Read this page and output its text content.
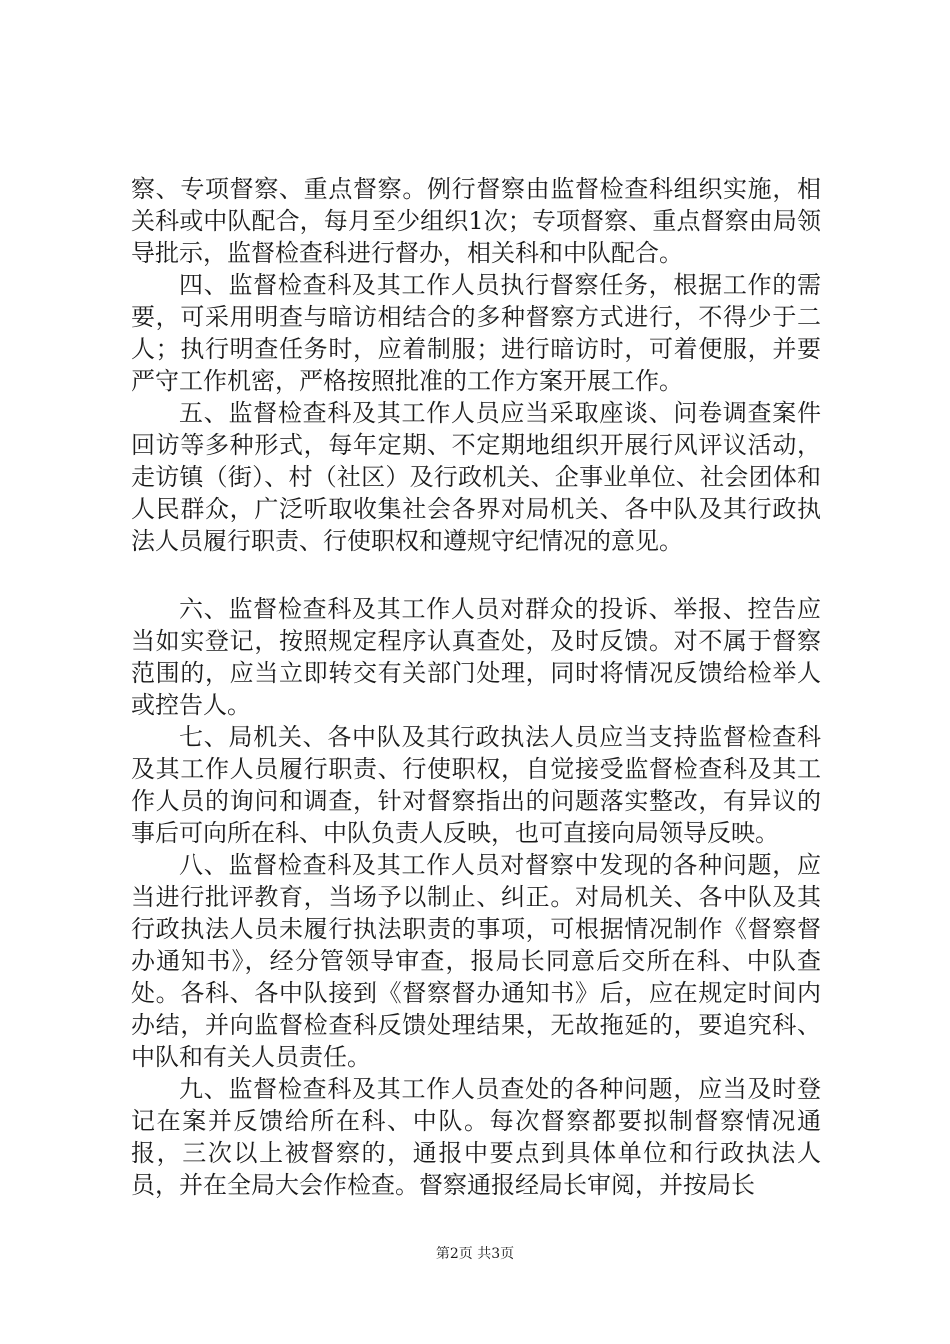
察、专项督察、重点督察。例行督察由监督检查科组织实施，相关科或中队配合，每月至少组织1次；专项督察、重点督察由局领导批示，监督检查科进行督办，相关科和中队配合。

四、监督检查科及其工作人员执行督察任务，根据工作的需要，可采用明查与暗访相结合的多种督察方式进行，不得少于二人；执行明查任务时，应着制服；进行暗访时，可着便服，并要严守工作机密，严格按照批准的工作方案开展工作。

五、监督检查科及其工作人员应当采取座谈、问卷调查案件回访等多种形式，每年定期、不定期地组织开展行风评议活动，走访镇（街）、村（社区）及行政机关、企事业单位、社会团体和人民群众，广泛听取收集社会各界对局机关、各中队及其行政执法人员履行职责、行使职权和遵规守纪情况的意见。

六、监督检查科及其工作人员对群众的投诉、举报、控告应当如实登记，按照规定程序认真查处，及时反馈。对不属于督察范围的，应当立即转交有关部门处理，同时将情况反馈给检举人或控告人。

七、局机关、各中队及其行政执法人员应当支持监督检查科及其工作人员履行职责、行使职权，自觉接受监督检查科及其工作人员的询问和调查，针对督察指出的问题落实整改，有异议的事后可向所在科、中队负责人反映，也可直接向局领导反映。

八、监督检查科及其工作人员对督察中发现的各种问题，应当进行批评教育，当场予以制止、纠正。对局机关、各中队及其行政执法人员未履行执法职责的事项，可根据情况制作《督察督办通知书》，经分管领导审查，报局长同意后交所在科、中队查处。各科、各中队接到《督察督办通知书》后，应在规定时间内办结，并向监督检查科反馈处理结果，无故拖延的，要追究科、中队和有关人员责任。

九、监督检查科及其工作人员查处的各种问题，应当及时登记在案并反馈给所在科、中队。每次督察都要拟制督察情况通报，三次以上被督察的，通报中要点到具体单位和行政执法人员，并在全局大会作检查。督察通报经局长审阅，并按局长

第2页 共3页
